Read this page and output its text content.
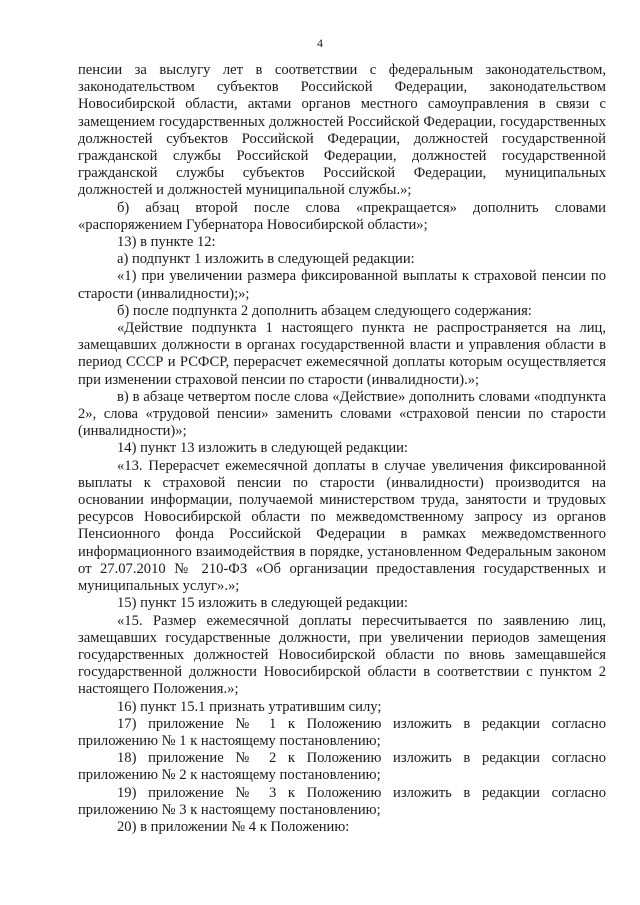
4

пенсии за выслугу лет в соответствии с федеральным законодательством, законодательством субъектов Российской Федерации, законодательством Новосибирской области, актами органов местного самоуправления в связи с замещением государственных должностей Российской Федерации, государственных должностей субъектов Российской Федерации, должностей государственной гражданской службы Российской Федерации, должностей государственной гражданской службы субъектов Российской Федерации, муниципальных должностей и должностей муниципальной службы.»;

б) абзац второй после слова «прекращается» дополнить словами «распоряжением Губернатора Новосибирской области»;

13) в пункте 12:

а) подпункт 1 изложить в следующей редакции:

«1) при увеличении размера фиксированной выплаты к страховой пенсии по старости (инвалидности);»;

б) после подпункта 2 дополнить абзацем следующего содержания:

«Действие подпункта 1 настоящего пункта не распространяется на лиц, замещавших должности в органах государственной власти и управления области в период СССР и РСФСР, перерасчет ежемесячной доплаты которым осуществляется при изменении страховой пенсии по старости (инвалидности).»;

в) в абзаце четвертом после слова «Действие» дополнить словами «подпункта 2», слова «трудовой пенсии» заменить словами «страховой пенсии по старости (инвалидности)»;

14) пункт 13 изложить в следующей редакции:

«13. Перерасчет ежемесячной доплаты в случае увеличения фиксированной выплаты к страховой пенсии по старости (инвалидности) производится на основании информации, получаемой министерством труда, занятости и трудовых ресурсов Новосибирской области по межведомственному запросу из органов Пенсионного фонда Российской Федерации в рамках межведомственного информационного взаимодействия в порядке, установленном Федеральным законом от 27.07.2010 № 210-ФЗ «Об организации предоставления государственных и муниципальных услуг».»;

15) пункт 15 изложить в следующей редакции:

«15. Размер ежемесячной доплаты пересчитывается по заявлению лиц, замещавших государственные должности, при увеличении периодов замещения государственных должностей Новосибирской области по вновь замещавшейся государственной должности Новосибирской области в соответствии с пунктом 2 настоящего Положения.»;

16) пункт 15.1 признать утратившим силу;

17) приложение № 1 к Положению изложить в редакции согласно приложению № 1 к настоящему постановлению;

18) приложение № 2 к Положению изложить в редакции согласно приложению № 2 к настоящему постановлению;

19) приложение № 3 к Положению изложить в редакции согласно приложению № 3 к настоящему постановлению;

20) в приложении № 4 к Положению:
